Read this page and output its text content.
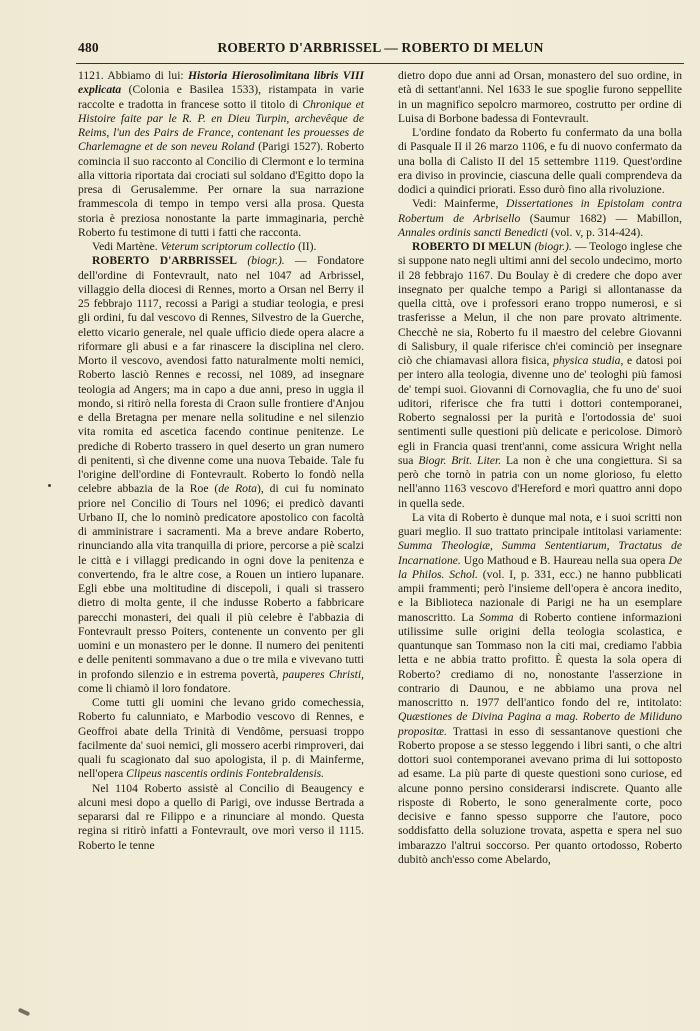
480	ROBERTO D'ARBRISSEL — ROBERTO DI MELUN

1121. Abbiamo di lui: Historia Hierosolimitana libris VIII explicata (Colonia e Basilea 1533), ristampata in varie raccolte e tradotta in francese sotto il titolo di Chronique et Histoire faite par le R. P. en Dieu Turpin, archevêque de Reims, l'un des Pairs de France, contenant les prouesses de Charlemagne et de son neveu Roland (Parigi 1527). Roberto comincia il suo racconto al Concilio di Clermont e lo termina alla vittoria riportata dai crociati sul soldano d'Egitto dopo la presa di Gerusalemme. Per ornare la sua narrazione frammescola di tempo in tempo versi alla prosa. Questa storia è preziosa nonostante la parte immaginaria, perchè Roberto fu testimone di tutti i fatti che racconta.

Vedi Martène. Veterum scriptorum collectio (II).

ROBERTO D'ARBRISSEL (biogr.). — Fondatore dell'ordine di Fontevrault, nato nel 1047 ad Arbrissel, villaggio della diocesi di Rennes, morto a Orsan nel Berry il 25 febbrajo 1117, recossi a Parigi a studiar teologia, e presi gli ordini, fu dal vescovo di Rennes, Silvestro de la Guerche, eletto vicario generale, nel quale ufficio diede opera alacre a riformare gli abusi e a far rinascere la disciplina nel clero. Morto il vescovo, avendosi fatto naturalmente molti nemici, Roberto lasciò Rennes e recossi, nel 1089, ad insegnare teologia ad Angers; ma in capo a due anni, preso in uggia il mondo, si ritirò nella foresta di Craon sulle frontiere d'Anjou e della Bretagna per menare nella solitudine e nel silenzio vita romita ed ascetica facendo continue penitenze. Le prediche di Roberto trassero in quel deserto un gran numero di penitenti, sì che divenne come una nuova Tebaide. Tale fu l'origine dell'ordine di Fontevrault. Roberto lo fondò nella celebre abbazia de la Roe (de Rota), di cui fu nominato priore nel Concilio di Tours nel 1096; ei predicò davanti Urbano II, che lo nominò predicatore apostolico con facoltà di amministrare i sacramenti. Ma a breve andare Roberto, rinunciando alla vita tranquilla di priore, percorse a piè scalzi le città e i villaggi predicando in ogni dove la penitenza e convertendo, fra le altre cose, a Rouen un intiero lupanare. Egli ebbe una moltitudine di discepoli, i quali si trassero dietro di molta gente, il che indusse Roberto a fabbricare parecchi monasteri, dei quali il più celebre è l'abbazia di Fontevrault presso Poiters, contenente un convento per gli uomini e un monastero per le donne. Il numero dei penitenti e delle penitenti sommavano a due o tre mila e vivevano tutti in profondo silenzio e in estrema povertà, pauperes Christi, come li chiamò il loro fondatore.

Come tutti gli uomini che levano grido comechessia, Roberto fu calunniato, e Marbodio vescovo di Rennes, e Geoffroi abate della Trinità di Vendôme, persuasi troppo facilmente da' suoi nemici, gli mossero acerbi rimproveri, dai quali fu scagionato dal suo apologista, il p. di Mainferme, nell'opera Clipeus nascentis ordinis Fontebraldensis.

Nel 1104 Roberto assistè al Concilio di Beaugency e alcuni mesi dopo a quello di Parigi, ove indusse Bertrada a separarsi dal re Filippo e a rinunciare al mondo. Questa regina si ritirò infatti a Fontevrault, ove morì verso il 1115. Roberto le tenne

dietro dopo due anni ad Orsan, monastero del suo ordine, in età di settant'anni. Nel 1633 le sue spoglie furono seppellite in un magnifico sepolcro marmoreo, costrutto per ordine di Luisa di Borbone badessa di Fontevrault.

L'ordine fondato da Roberto fu confermato da una bolla di Pasquale II il 26 marzo 1106, e fu di nuovo confermato da una bolla di Calisto II del 15 settembre 1119. Quest'ordine era diviso in provincie, ciascuna delle quali comprendeva da dodici a quindici priorati. Esso durò fino alla rivoluzione.

Vedi: Mainferme, Dissertationes in Epistolam contra Robertum de Arbrisello (Saumur 1682) — Mabillon, Annales ordinis sancti Benedicti (vol. v, p. 314-424).

ROBERTO DI MELUN (biogr.). — Teologo inglese che si suppone nato negli ultimi anni del secolo undecimo, morto il 28 febbrajo 1167. Du Boulay è di credere che dopo aver insegnato per qualche tempo a Parigi si allontanasse da quella città, ove i professori erano troppo numerosi, e si trasferisse a Melun, il che non pare provato altrimente. Checchè ne sia, Roberto fu il maestro del celebre Giovanni di Salisbury, il quale riferisce ch'ei cominciò per insegnare ciò che chiamavasi allora fisica, physica studia, e datosi poi per intero alla teologia, divenne uno de' teologhi più famosi de' tempi suoi. Giovanni di Cornovaglia, che fu uno de' suoi uditori, riferisce che fra tutti i dottori contemporanei, Roberto segnalossi per la purità e l'ortodossia de' suoi sentimenti sulle questioni più delicate e pericolose. Dimorò egli in Francia quasi trent'anni, come assicura Wright nella sua Biogr. Brit. Liter. La non è che una congiettura. Si sa però che tornò in patria con un nome glorioso, fu eletto nell'anno 1163 vescovo d'Hereford e morì quattro anni dopo in quella sede.

La vita di Roberto è dunque mal nota, e i suoi scritti non guari meglio. Il suo trattato principale intitolasi variamente: Summa Theologiæ, Summa Sententiarum, Tractatus de Incarnatione. Ugo Mathoud e B. Haureau nella sua opera De la Philos. Schol. (vol. I, p. 331, ecc.) ne hanno pubblicati ampii frammenti; però l'insieme dell'opera è ancora inedito, e la Biblioteca nazionale di Parigi ne ha un esemplare manoscritto. La Somma di Roberto contiene informazioni utilissime sulle origini della teologia scolastica, e quantunque san Tommaso non la citi mai, crediamo l'abbia letta e ne abbia tratto profitto. È questa la sola opera di Roberto? crediamo di no, nonostante l'asserzione in contrario di Daunou, e ne abbiamo una prova nel manoscritto n. 1977 dell'antico fondo del re, intitolato: Quæstiones de Divina Pagina a mag. Roberto de Miliduno propositæ. Trattasi in esso di sessantanove questioni che Roberto propose a se stesso leggendo i libri santi, o che altri dottori suoi contemporanei avevano prima di lui sottoposto ad esame. La più parte di queste questioni sono curiose, ed alcune ponno persino considerarsi indiscrete. Quanto alle risposte di Roberto, le sono generalmente corte, poco decisive e fanno spesso supporre che l'autore, poco soddisfatto della soluzione trovata, aspetta e spera nel suo imbarazzo l'altrui soccorso. Per quanto ortodosso, Roberto dubitò anch'esso come Abelardo,
